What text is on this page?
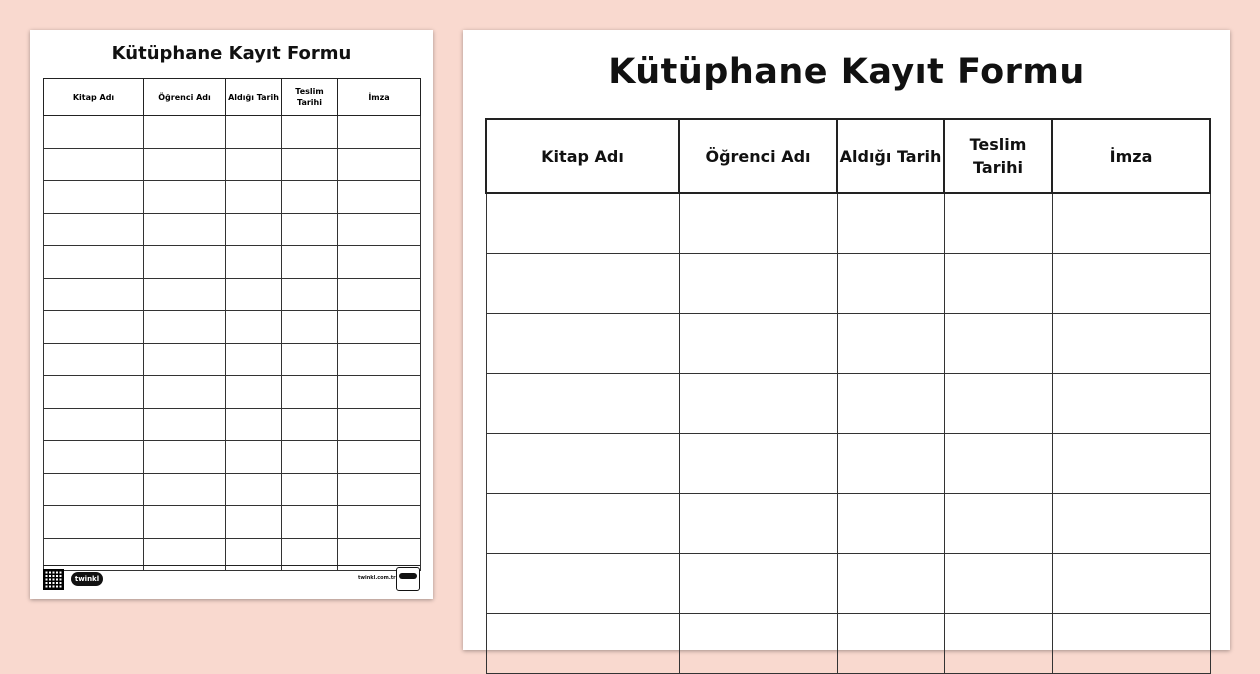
Kütüphane Kayıt Formu
Kitap Adı	Öğrenci Adı	Aldığı Tarih	Teslim Tarihi	İmza

twinkl	twinkl.com.tr
Kütüphane Kayıt Formu
Kitap Adı	Öğrenci Adı	Aldığı Tarih	Teslim Tarihi	İmza
